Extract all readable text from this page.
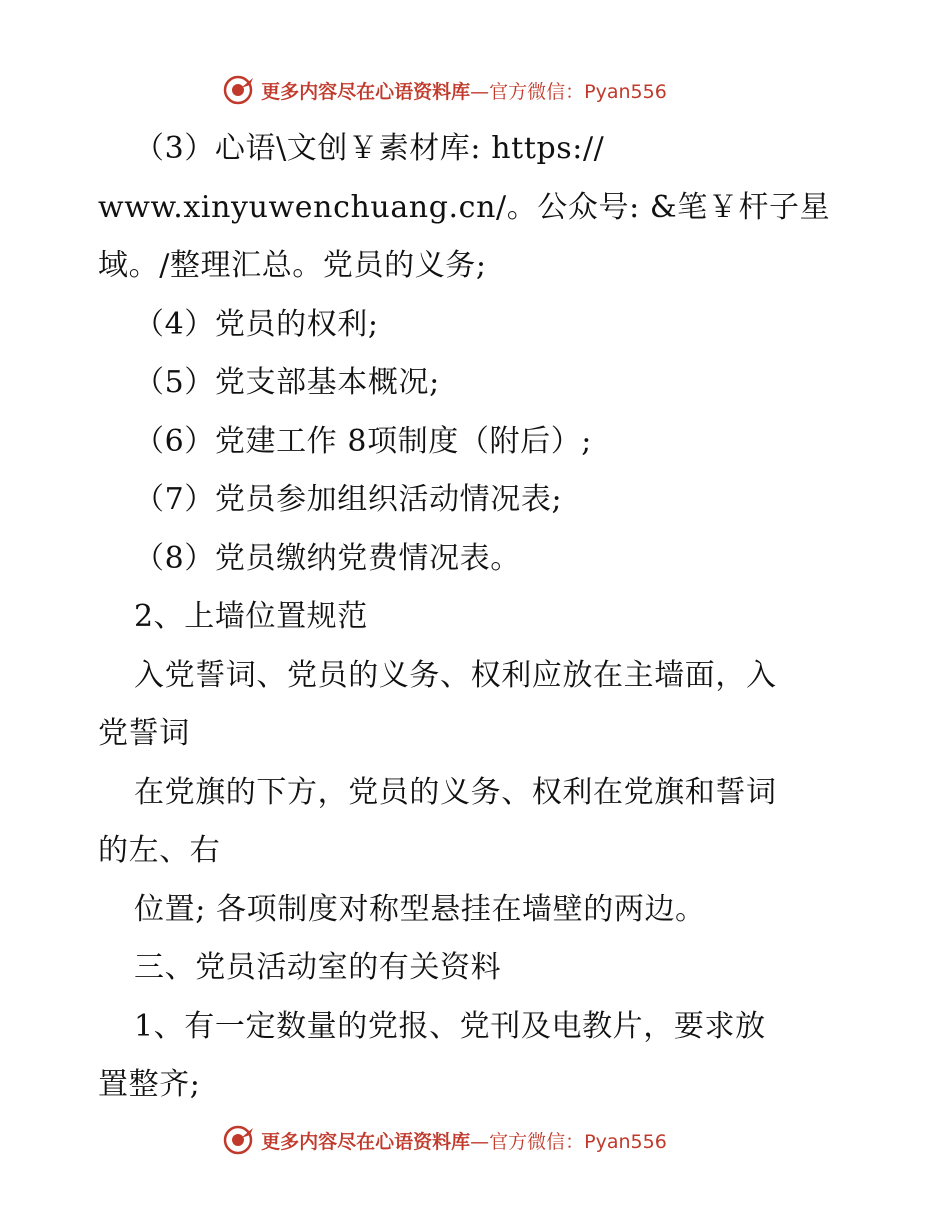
更多内容尽在心语资料库—官方微信：Pyan556
（3）心语\文创￥素材库: https://
www.xinyuwenchuang.cn/。公众号: &笔￥杆子星
域。/整理汇总。党员的义务;
（4）党员的权利;
（5）党支部基本概况;
（6）党建工作 8项制度（附后）;
（7）党员参加组织活动情况表;
（8）党员缴纳党费情况表。
2、上墙位置规范
入党誓词、党员的义务、权利应放在主墙面，入
党誓词
在党旗的下方，党员的义务、权利在党旗和誓词
的左、右
位置; 各项制度对称型悬挂在墙壁的两边。
三、党员活动室的有关资料
1、有一定数量的党报、党刊及电教片，要求放
置整齐;
更多内容尽在心语资料库—官方微信：Pyan556
